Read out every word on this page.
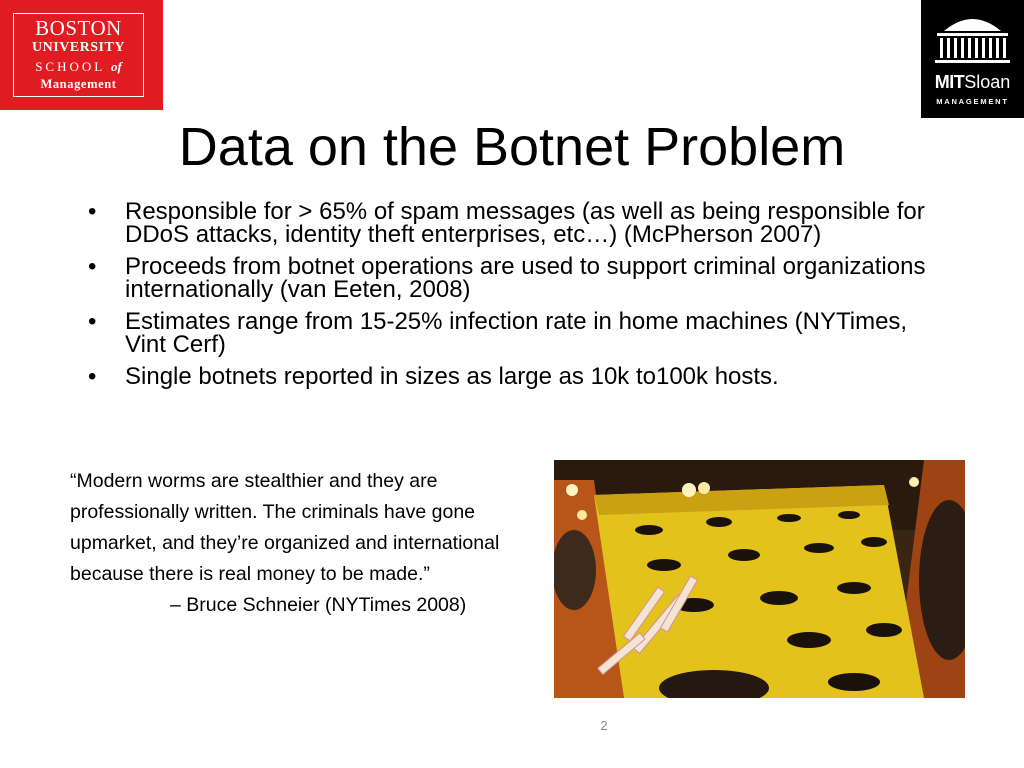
BOSTON
UNIVERSITY
SCHOOL of
Management	MITSloan
MANAGEMENT
Data on the Botnet Problem
• Responsible for > 65% of spam messages (as well as being responsible for DDoS attacks, identity theft enterprises, etc…) (McPherson 2007)
• Proceeds from botnet operations are used to support criminal organizations internationally (van Eeten, 2008)
• Estimates range from 15-25% infection rate in home machines (NYTimes, Vint Cerf)
• Single botnets reported in sizes as large as 10k to100k hosts.

“Modern worms are stealthier and they are professionally written. The criminals have gone upmarket, and they’re organized and international because there is real money to be made.”

– Bruce Schneier (NYTimes 2008)

2
